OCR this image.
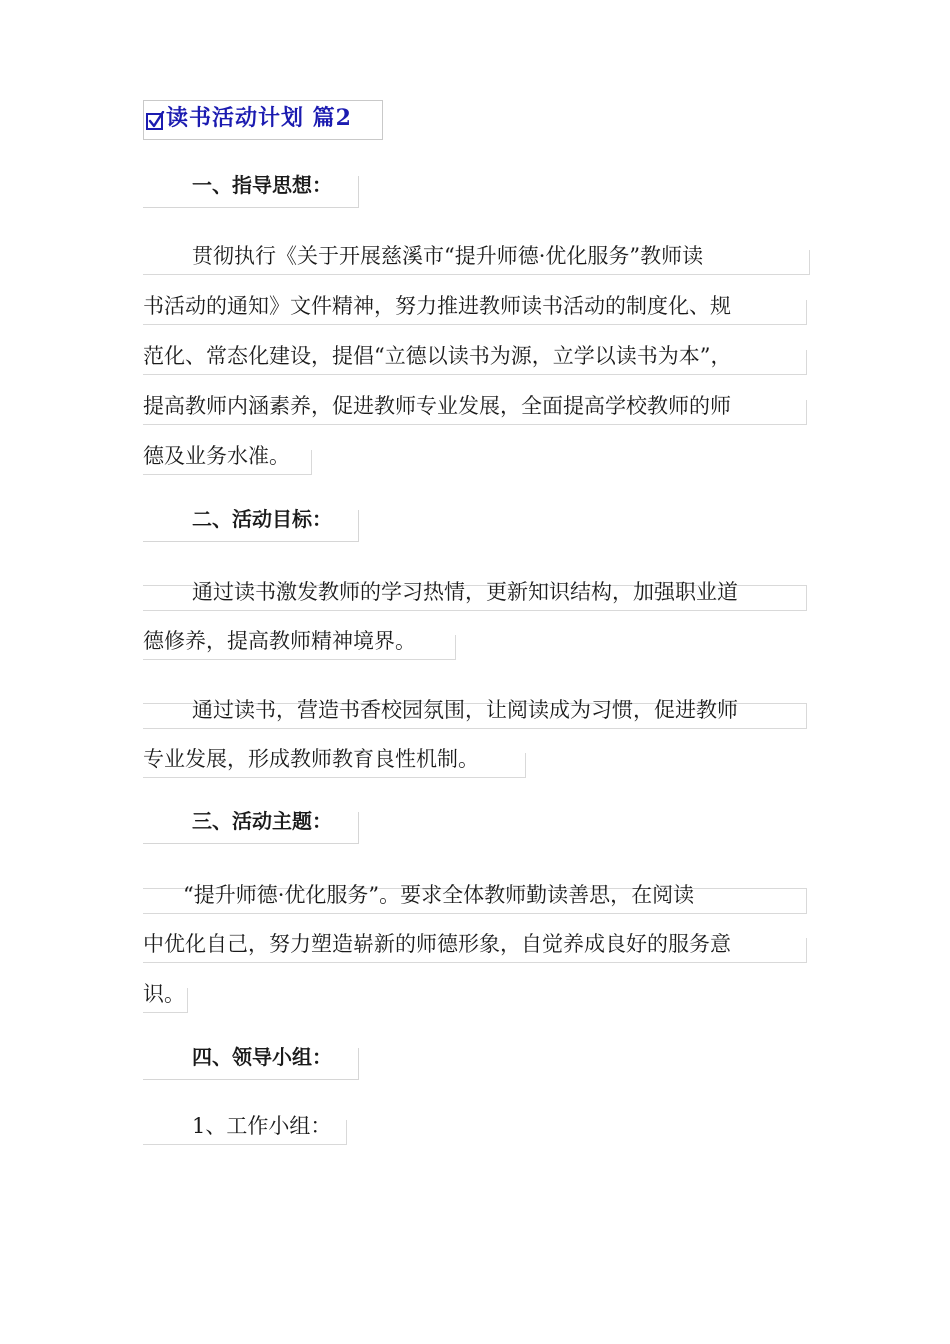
读书活动计划 篇2
一、指导思想：
贯彻执行《关于开展慈溪市“提升师德·优化服务”教师读
书活动的通知》文件精神，努力推进教师读书活动的制度化、规
范化、常态化建设，提倡“立德以读书为源，立学以读书为本”，
提高教师内涵素养，促进教师专业发展，全面提高学校教师的师
德及业务水准。
二、活动目标：
通过读书激发教师的学习热情，更新知识结构，加强职业道
德修养，提高教师精神境界。
通过读书，营造书香校园氛围，让阅读成为习惯，促进教师
专业发展，形成教师教育良性机制。
三、活动主题：
“提升师德·优化服务”。要求全体教师勤读善思，在阅读
中优化自己，努力塑造崭新的师德形象，自觉养成良好的服务意
识。
四、领导小组：
1、工作小组：
